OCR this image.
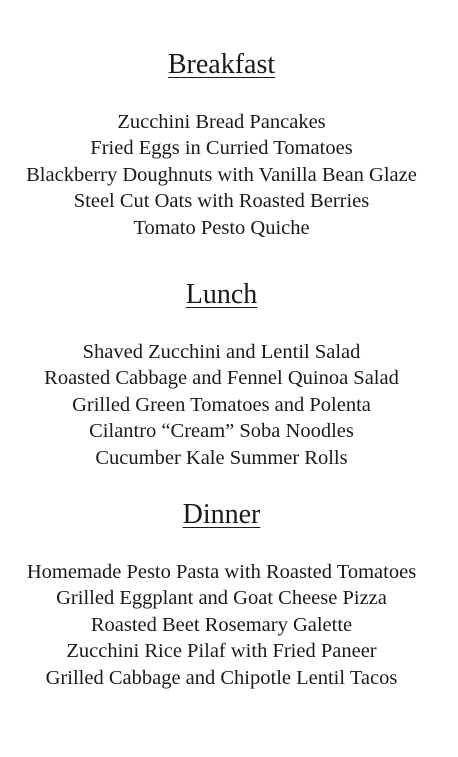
Breakfast
Zucchini Bread Pancakes
Fried Eggs in Curried Tomatoes
Blackberry Doughnuts with Vanilla Bean Glaze
Steel Cut Oats with Roasted Berries
Tomato Pesto Quiche
Lunch
Shaved Zucchini and Lentil Salad
Roasted Cabbage and Fennel Quinoa Salad
Grilled Green Tomatoes and Polenta
Cilantro “Cream” Soba Noodles
Cucumber Kale Summer Rolls
Dinner
Homemade Pesto Pasta with Roasted Tomatoes
Grilled Eggplant and Goat Cheese Pizza
Roasted Beet Rosemary Galette
Zucchini Rice Pilaf with Fried Paneer
Grilled Cabbage and Chipotle Lentil Tacos
